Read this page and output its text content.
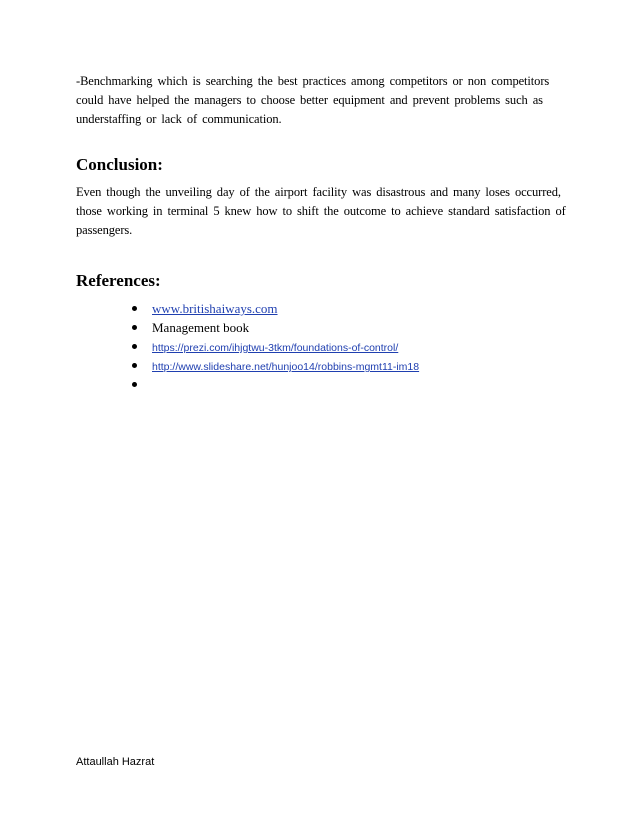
-Benchmarking which is searching the best practices among competitors or non competitors
could have helped the managers to choose better equipment and prevent problems such as
understaffing or lack of communication.
Conclusion:
Even though the unveiling day of the airport facility was disastrous and many loses occurred,
those working in terminal 5 knew how to shift the outcome to achieve standard satisfaction of
passengers.
References:
www.britishaiways.com
Management book
https://prezi.com/ihjgtwu-3tkm/foundations-of-control/
http://www.slideshare.net/hunjoo14/robbins-mgmt11-im18
Attaullah Hazrat
